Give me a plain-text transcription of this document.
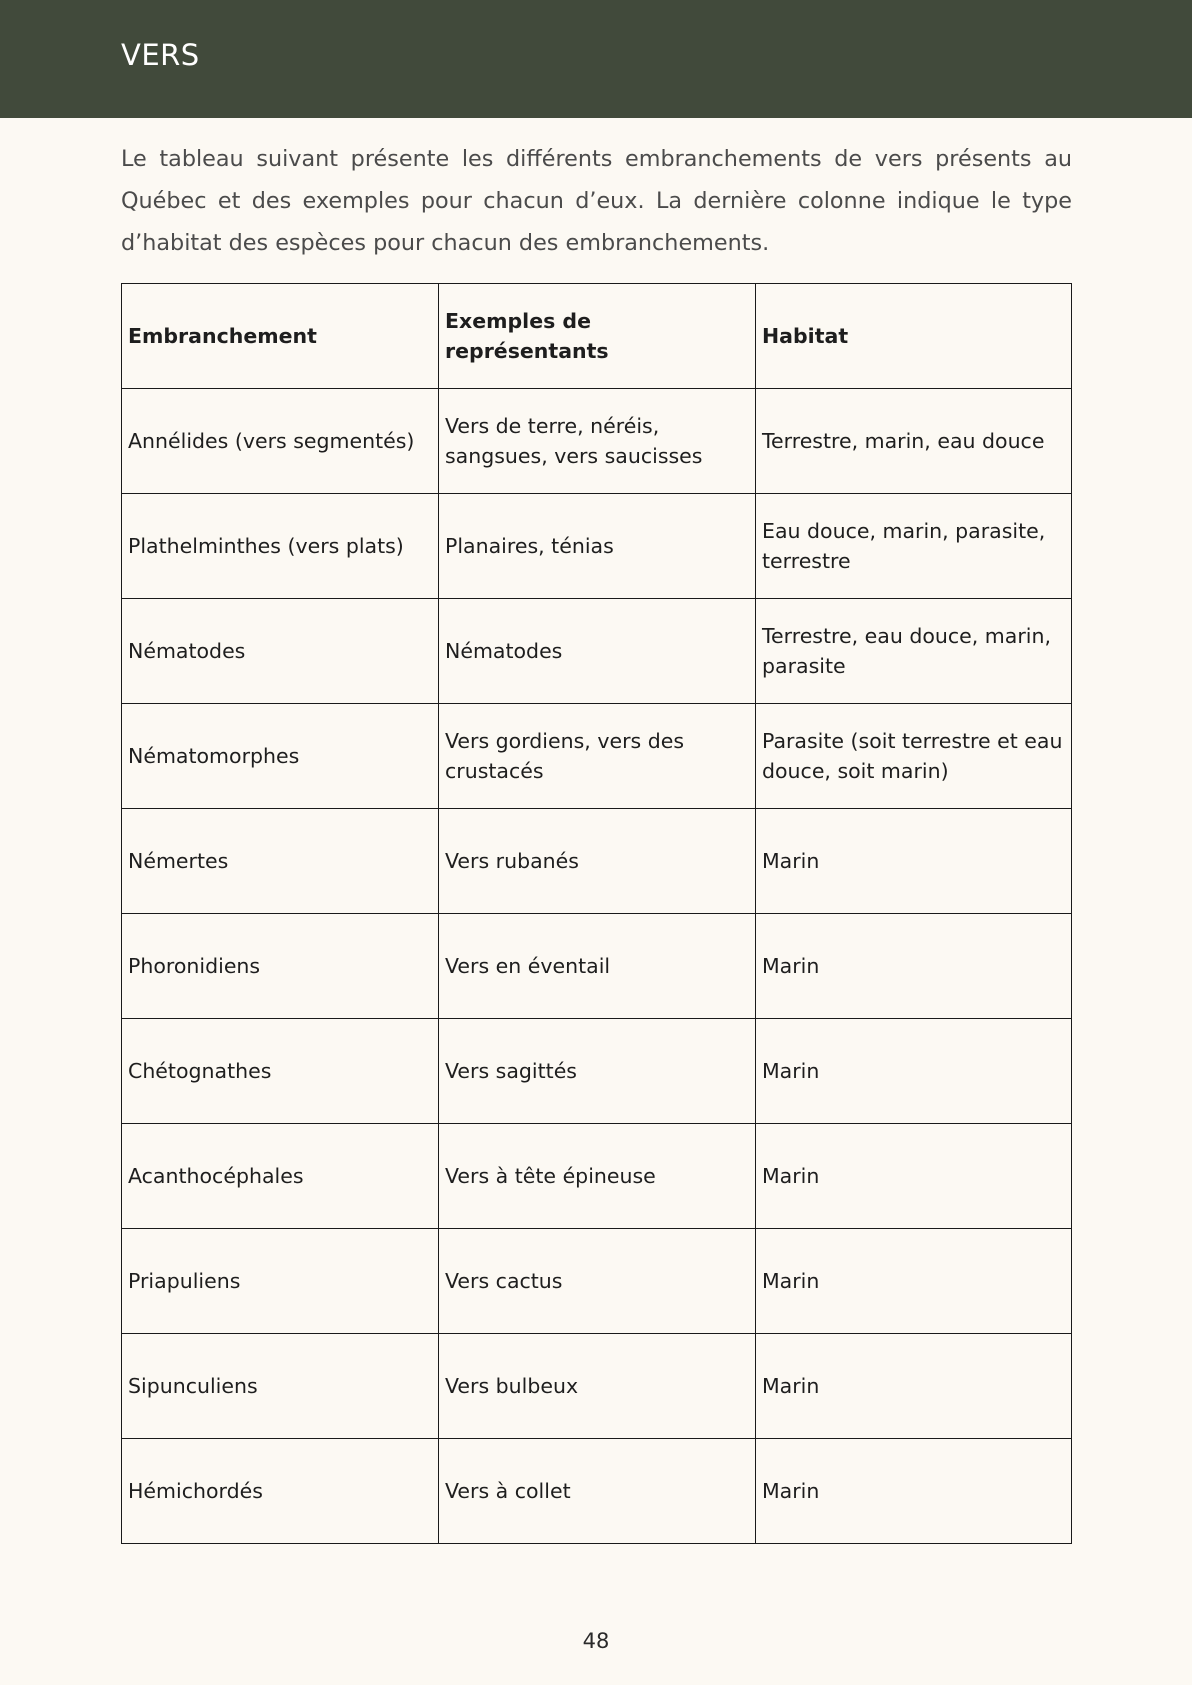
VERS

Le tableau suivant présente les différents embranchements de vers présents au Québec et des exemples pour chacun d’eux. La dernière colonne indique le type d’habitat des espèces pour chacun des embranchements.

Embranchement	Exemples de représentants	Habitat
Annélides (vers segmentés)	Vers de terre, néréis, sangsues, vers saucisses	Terrestre, marin, eau douce
Plathelminthes (vers plats)	Planaires, ténias	Eau douce, marin, parasite, terrestre
Nématodes	Nématodes	Terrestre, eau douce, marin, parasite
Nématomorphes	Vers gordiens, vers des crustacés	Parasite (soit terrestre et eau douce, soit marin)
Némertes	Vers rubanés	Marin
Phoronidiens	Vers en éventail	Marin
Chétognathes	Vers sagittés	Marin
Acanthocéphales	Vers à tête épineuse	Marin
Priapuliens	Vers cactus	Marin
Sipunculiens	Vers bulbeux	Marin
Hémichordés	Vers à collet	Marin
48
